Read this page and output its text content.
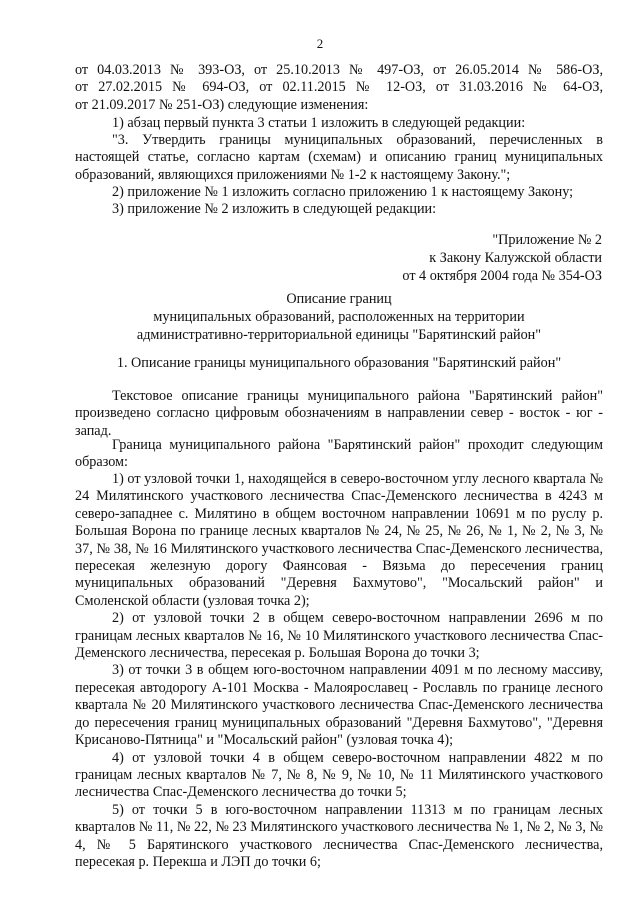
2
от 04.03.2013 № 393-ОЗ, от 25.10.2013 № 497-ОЗ, от 26.05.2014 № 586-ОЗ,
от 27.02.2015 № 694-ОЗ, от 02.11.2015 № 12-ОЗ, от 31.03.2016 № 64-ОЗ,
от 21.09.2017 № 251-ОЗ) следующие изменения:
1) абзац первый пункта 3 статьи 1 изложить в следующей редакции:
"3. Утвердить границы муниципальных образований, перечисленных в настоящей статье, согласно картам (схемам) и описанию границ муниципальных образований, являющихся приложениями № 1-2 к настоящему Закону.";
2) приложение № 1 изложить согласно приложению 1 к настоящему Закону;
3) приложение № 2 изложить в следующей редакции:
"Приложение № 2
к Закону Калужской области
от 4 октября 2004 года № 354-ОЗ
Описание границ
муниципальных образований, расположенных на территории
административно-территориальной единицы "Барятинский район"
1. Описание границы муниципального образования "Барятинский район"
Текстовое описание границы муниципального района "Барятинский район" произведено согласно цифровым обозначениям в направлении север - восток - юг - запад.
Граница муниципального района "Барятинский район" проходит следующим образом:

1) от узловой точки 1, находящейся в северо-восточном углу лесного квартала № 24 Милятинского участкового лесничества Спас-Деменского лесничества в 4243 м северо-западнее с. Милятино в общем восточном направлении 10691 м по руслу р. Большая Ворона по границе лесных кварталов № 24, № 25, № 26, № 1, № 2, № 3, № 37, № 38, № 16 Милятинского участкового лесничества Спас-Деменского лесничества, пересекая железную дорогу Фаянсовая - Вязьма до пересечения границ муниципальных образований "Деревня Бахмутово", "Мосальский район" и Смоленской области (узловая точка 2);

2) от узловой точки 2 в общем северо-восточном направлении 2696 м по границам лесных кварталов № 16, № 10 Милятинского участкового лесничества Спас-Деменского лесничества, пересекая р. Большая Ворона до точки 3;

3) от точки 3 в общем юго-восточном направлении 4091 м по лесному массиву, пересекая автодорогу А-101 Москва - Малоярославец - Рославль по границе лесного квартала № 20 Милятинского участкового лесничества Спас-Деменского лесничества до пересечения границ муниципальных образований "Деревня Бахмутово", "Деревня Крисаново-Пятница" и "Мосальский район" (узловая точка 4);

4) от узловой точки 4 в общем северо-восточном направлении 4822 м по границам лесных кварталов № 7, № 8, № 9, № 10, № 11 Милятинского участкового лесничества Спас-Деменского лесничества до точки 5;

5) от точки 5 в юго-восточном направлении 11313 м по границам лесных кварталов № 11, № 22, № 23 Милятинского участкового лесничества № 1, № 2, № 3, № 4, № 5 Барятинского участкового лесничества Спас-Деменского лесничества, пересекая р. Перекша и ЛЭП до точки 6;
